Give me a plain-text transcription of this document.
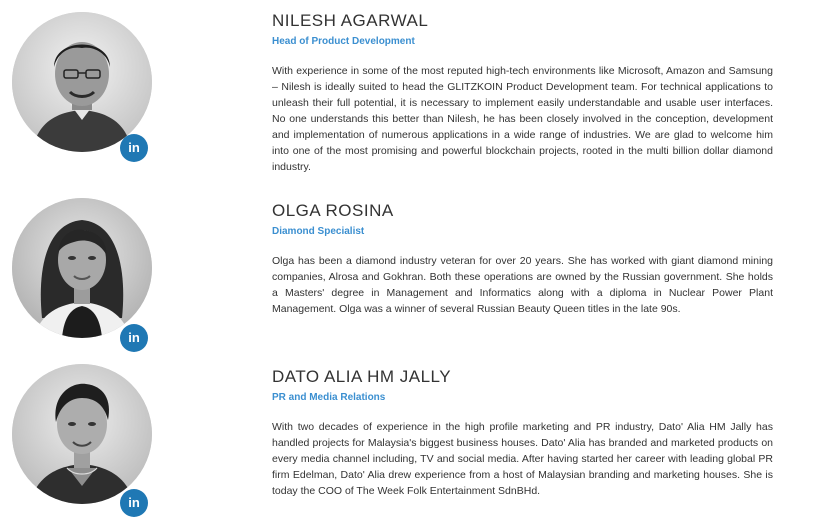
in
NILESH AGARWAL
Head of Product Development

With experience in some of the most reputed high-tech environments like Microsoft, Amazon and Samsung – Nilesh is ideally suited to head the GLITZKOIN Product Development team. For technical applications to unleash their full potential, it is necessary to implement easily understandable and usable user interfaces. No one understands this better than Nilesh, he has been closely involved in the conception, development and implementation of numerous applications in a wide range of industries. We are glad to welcome him into one of the most promising and powerful blockchain projects, rooted in the multi billion dollar diamond industry.

in
OLGA ROSINA
Diamond Specialist

Olga has been a diamond industry veteran for over 20 years. She has worked with giant diamond mining companies, Alrosa and Gokhran. Both these operations are owned by the Russian government. She holds a Masters' degree in Management and Informatics along with a diploma in Nuclear Power Plant Management. Olga was a winner of several Russian Beauty Queen titles in the late 90s.

in
DATO ALIA HM JALLY
PR and Media Relations

With two decades of experience in the high profile marketing and PR industry, Dato' Alia HM Jally has handled projects for Malaysia's biggest business houses. Dato' Alia has branded and marketed products on every media channel including, TV and social media. After having started her career with leading global PR firm Edelman, Dato' Alia drew experience from a host of Malaysian branding and marketing houses. She is today the COO of The Week Folk Entertainment SdnBHd.
